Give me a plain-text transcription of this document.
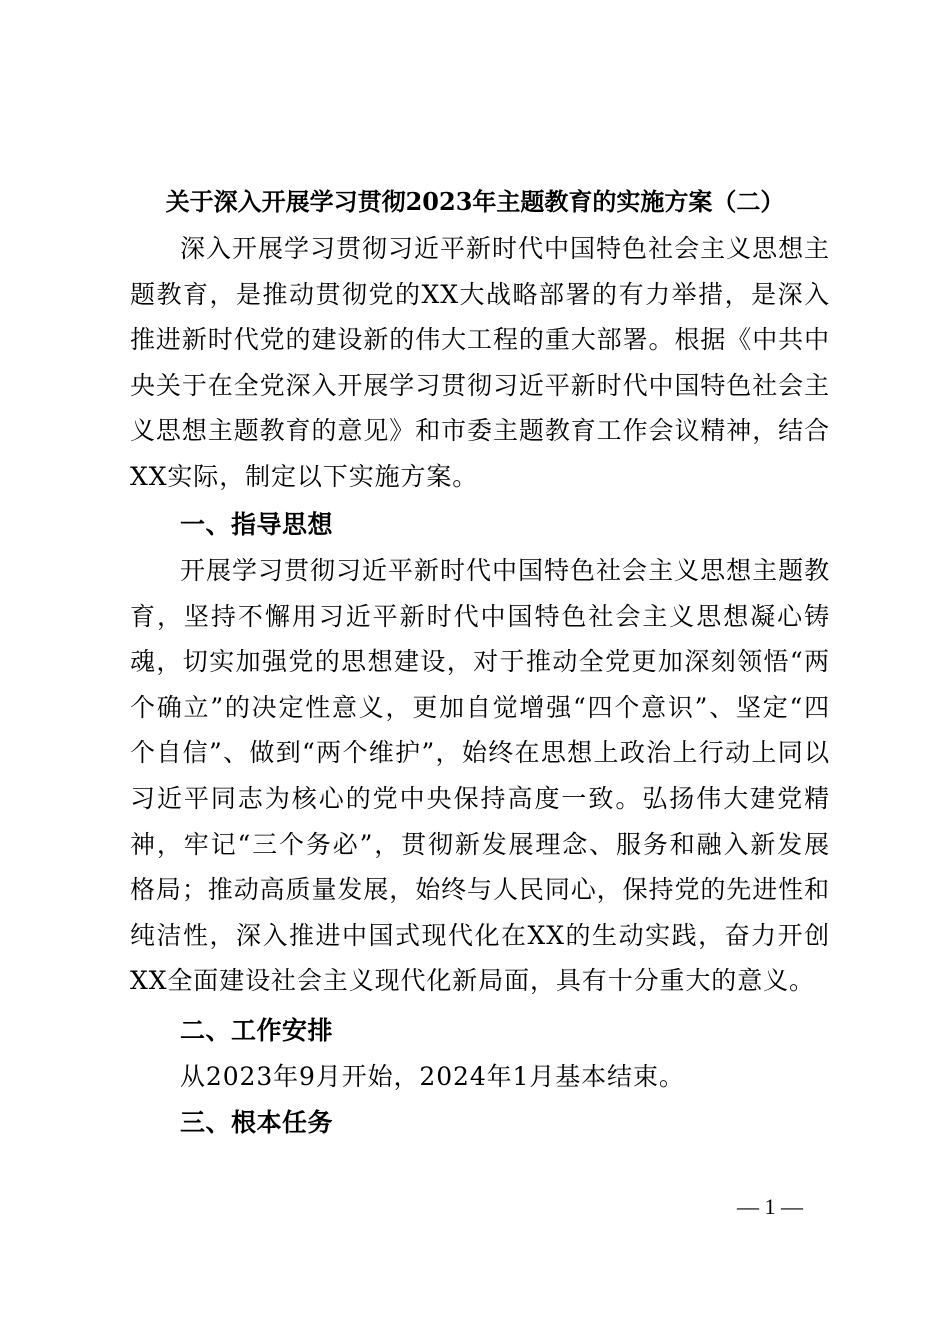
关于深入开展学习贯彻2023年主题教育的实施方案（二）

深入开展学习贯彻习近平新时代中国特色社会主义思想主题教育，是推动贯彻党的XX大战略部署的有力举措，是深入推进新时代党的建设新的伟大工程的重大部署。根据《中共中央关于在全党深入开展学习贯彻习近平新时代中国特色社会主义思想主题教育的意见》和市委主题教育工作会议精神，结合XX实际，制定以下实施方案。

一、指导思想

开展学习贯彻习近平新时代中国特色社会主义思想主题教育，坚持不懈用习近平新时代中国特色社会主义思想凝心铸魂，切实加强党的思想建设，对于推动全党更加深刻领悟“两个确立”的决定性意义，更加自觉增强“四个意识”、坚定“四个自信”、做到“两个维护”，始终在思想上政治上行动上同以习近平同志为核心的党中央保持高度一致。弘扬伟大建党精神，牢记“三个务必”，贯彻新发展理念、服务和融入新发展格局；推动高质量发展，始终与人民同心，保持党的先进性和纯洁性，深入推进中国式现代化在XX的生动实践，奋力开创XX全面建设社会主义现代化新局面，具有十分重大的意义。

二、工作安排

从2023年9月开始，2024年1月基本结束。

三、根本任务

— 1 —
